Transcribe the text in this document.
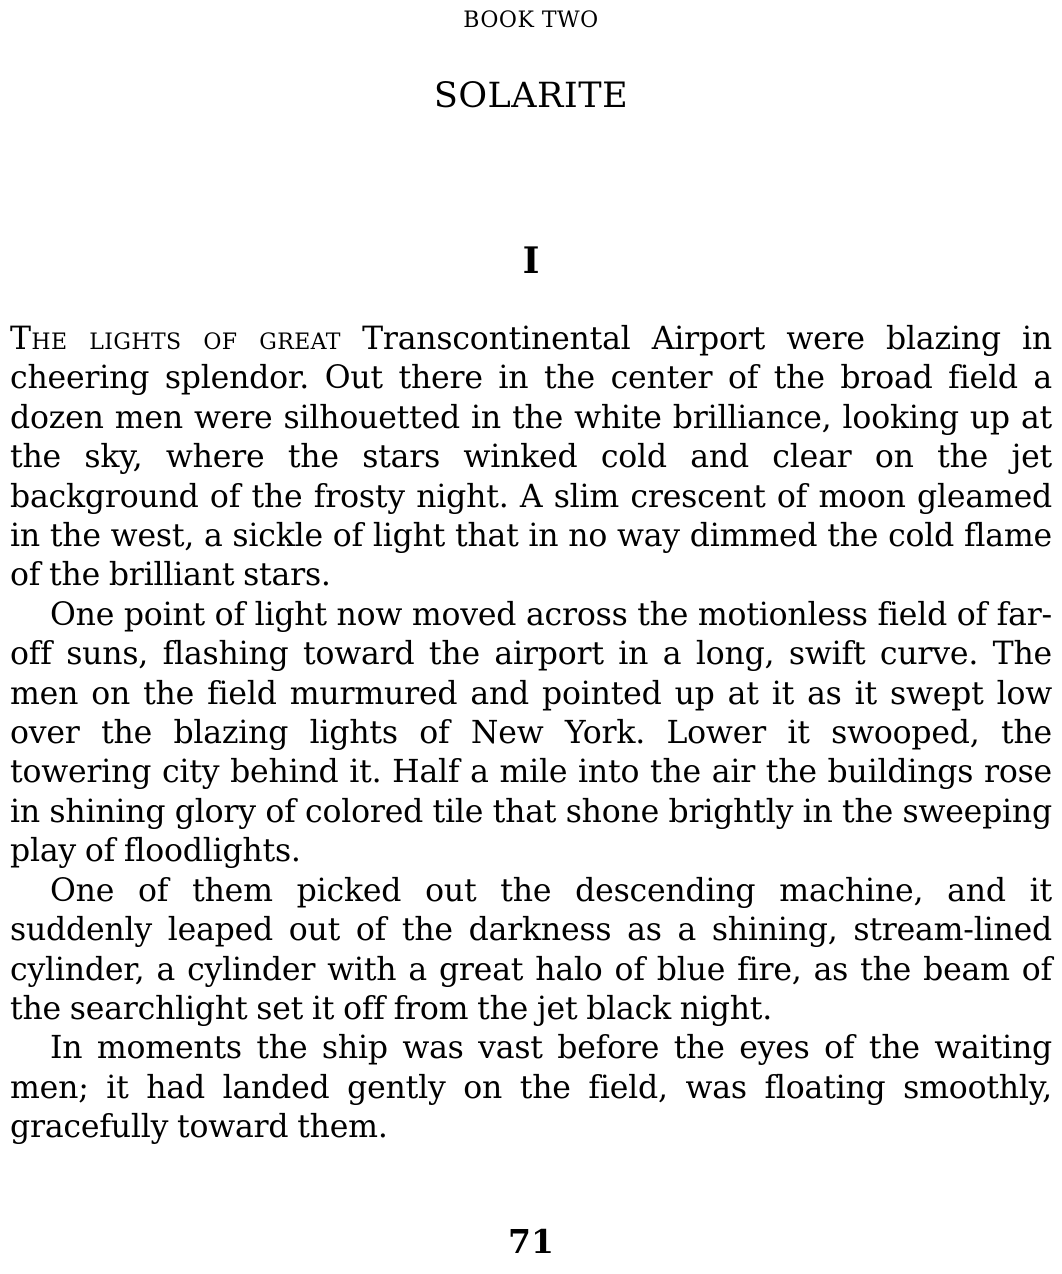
BOOK TWO
SOLARITE
I

The lights of great Transcontinental Airport were blazing in cheering splendor. Out there in the center of the broad field a dozen men were silhouetted in the white brilliance, looking up at the sky, where the stars winked cold and clear on the jet background of the frosty night. A slim crescent of moon gleamed in the west, a sickle of light that in no way dimmed the cold flame of the brilliant stars.

One point of light now moved across the motionless field of far-off suns, flashing toward the airport in a long, swift curve. The men on the field murmured and pointed up at it as it swept low over the blazing lights of New York. Lower it swooped, the towering city behind it. Half a mile into the air the buildings rose in shining glory of colored tile that shone brightly in the sweeping play of floodlights.

One of them picked out the descending machine, and it suddenly leaped out of the darkness as a shining, stream-lined cylinder, a cylinder with a great halo of blue fire, as the beam of the searchlight set it off from the jet black night.

In moments the ship was vast before the eyes of the waiting men; it had landed gently on the field, was floating smoothly, gracefully toward them.

71
